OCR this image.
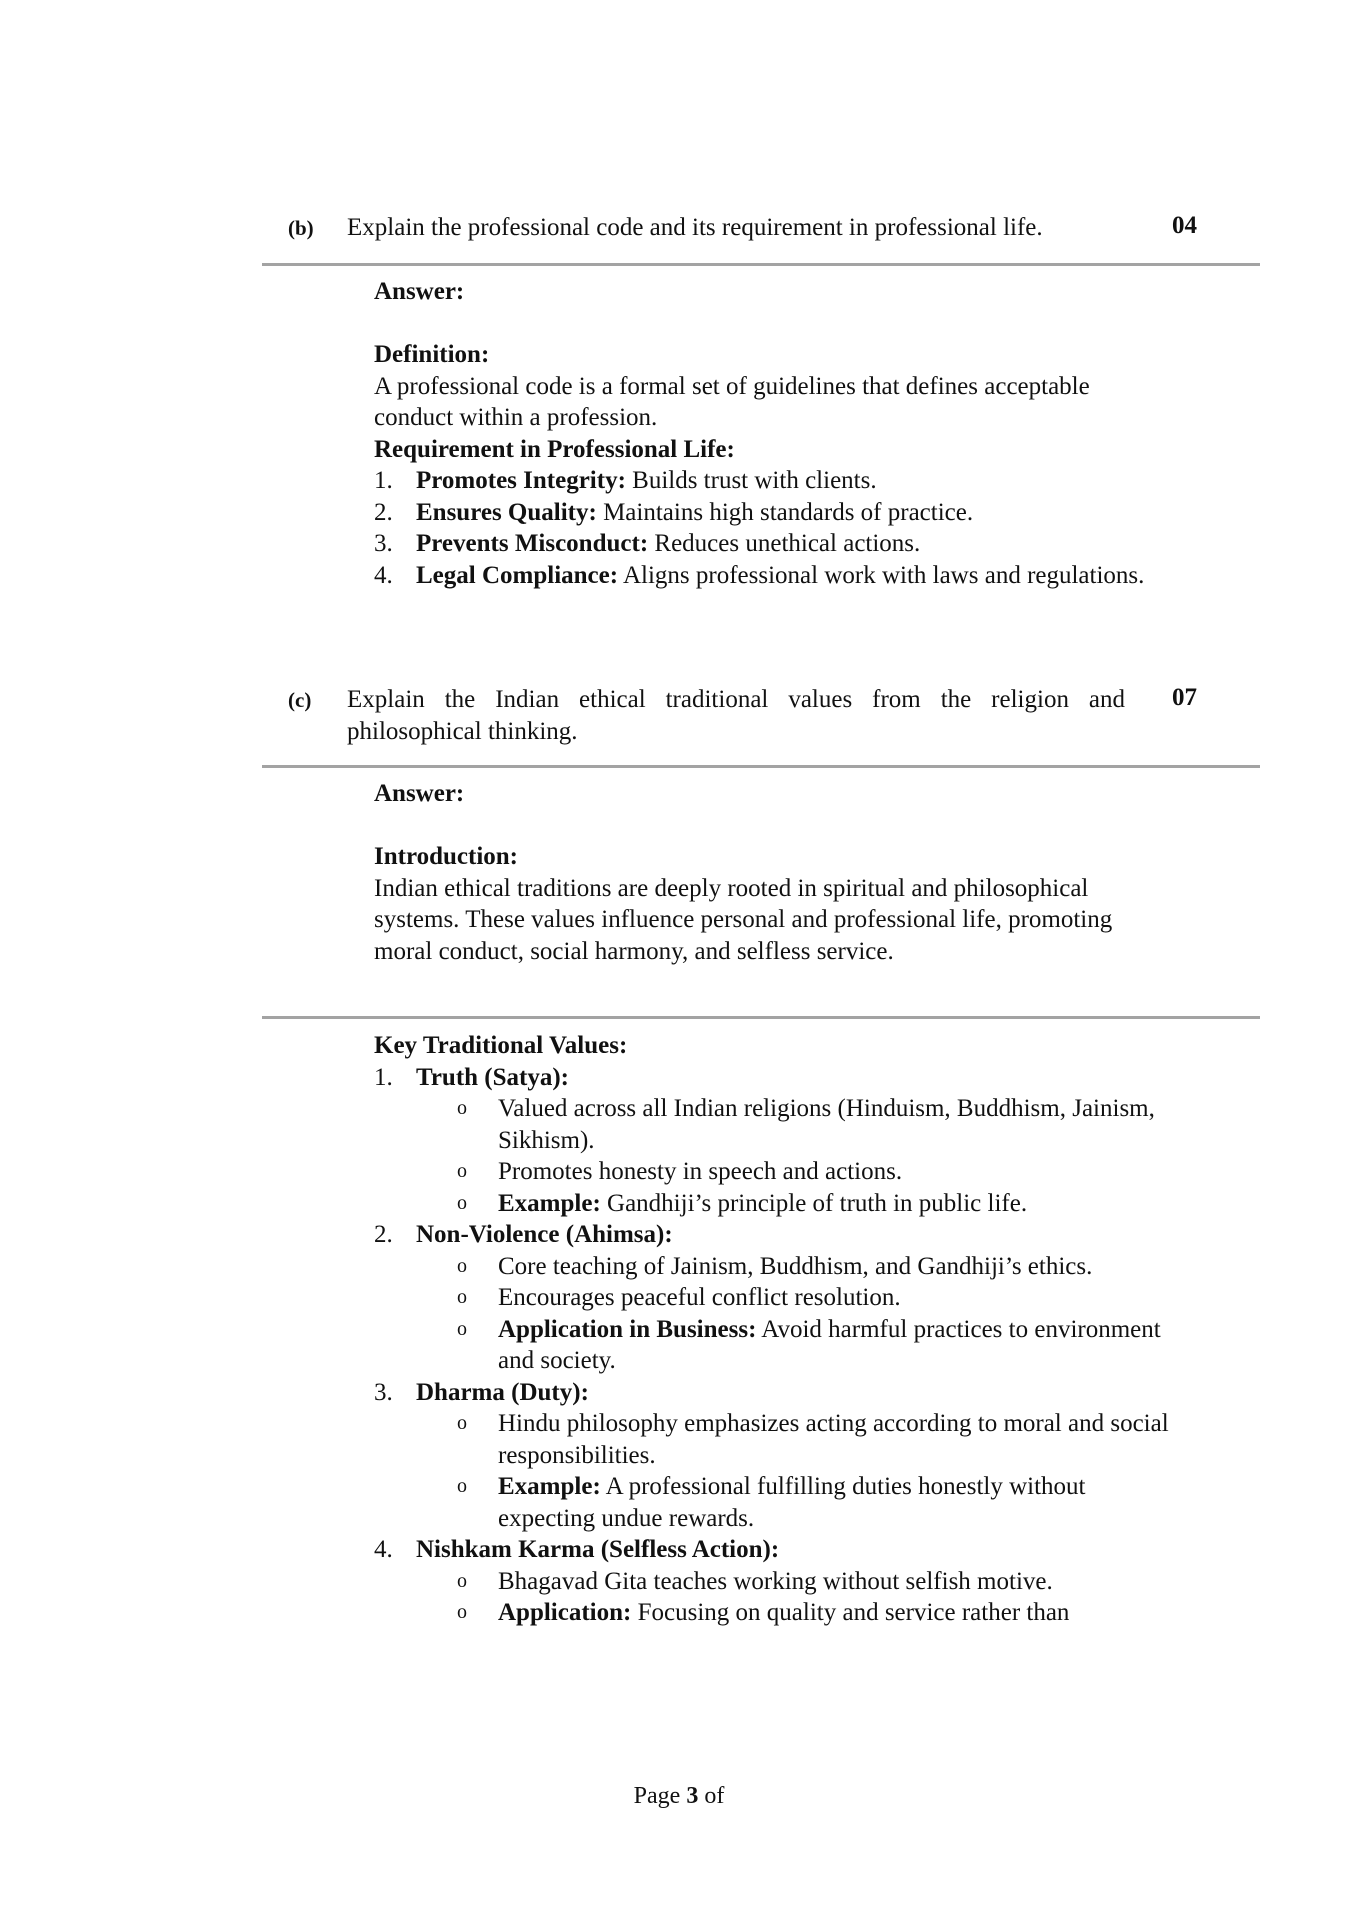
(b) Explain the professional code and its requirement in professional life.	04

Answer:

Definition:

A professional code is a formal set of guidelines that defines acceptable conduct within a profession.

Requirement in Professional Life:

1. Promotes Integrity: Builds trust with clients.
2. Ensures Quality: Maintains high standards of practice.
3. Prevents Misconduct: Reduces unethical actions.
4. Legal Compliance: Aligns professional work with laws and regulations.
(c) Explain the Indian ethical traditional values from the religion and philosophical thinking.
07

Answer:

Introduction:

Indian ethical traditions are deeply rooted in spiritual and philosophical systems. These values influence personal and professional life, promoting moral conduct, social harmony, and selfless service.

Key Traditional Values:

1. Truth (Satya):
o Valued across all Indian religions (Hinduism, Buddhism, Jainism, Sikhism).
o Promotes honesty in speech and actions.
o Example: Gandhiji’s principle of truth in public life.
2. Non-Violence (Ahimsa):
o Core teaching of Jainism, Buddhism, and Gandhiji’s ethics.
o Encourages peaceful conflict resolution.
o Application in Business: Avoid harmful practices to environment and society.
3. Dharma (Duty):
o Hindu philosophy emphasizes acting according to moral and social responsibilities.
o Example: A professional fulfilling duties honestly without expecting undue rewards.
4. Nishkam Karma (Selfless Action):
o Bhagavad Gita teaches working without selfish motive.
o Application: Focusing on quality and service rather than
Page 3 of
